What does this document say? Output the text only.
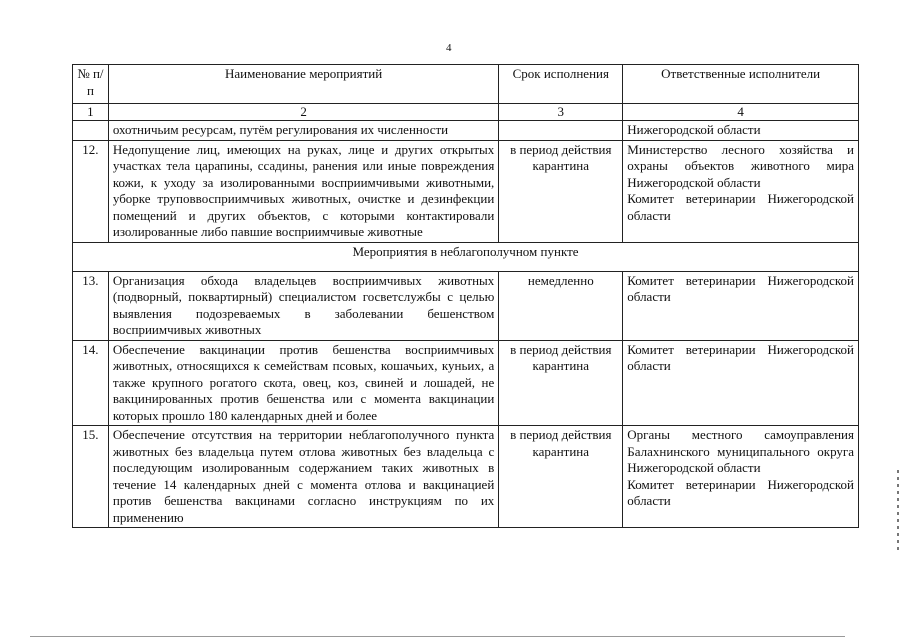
4
№ п/п	Наименование мероприятий	Срок исполнения	Ответственные исполнители
1	2	3	4
	охотничьим ресурсам, путём регулирования их численности		Нижегородской области
12.	Недопущение лиц, имеющих на руках, лице и других открытых участках тела царапины, ссадины, ранения или иные повреждения кожи, к уходу за изолированными восприимчивыми животными, уборке труповвосприимчивых животных, очистке и дезинфекции помещений и других объектов, с которыми контактировали изолированные либо павшие восприимчивые животные	в период действия карантина	Министерство лесного хозяйства и охраны объектов животного мира Нижегородской области
Комитет ветеринарии Нижегородской области

Мероприятия в неблагополучном пункте			
13.	Организация обхода владельцев восприимчивых животных (подворный, поквартирный) специалистом госветслужбы с целью выявления подозреваемых в заболевании бешенством восприимчивых животных	немедленно	Комитет ветеринарии Нижегородской области
14.	Обеспечение вакцинации против бешенства восприимчивых животных, относящихся к семействам псовых, кошачьих, куньих, а также крупного рогатого скота, овец, коз, свиней и лошадей, не вакцинированных против бешенства или с момента вакцинации которых прошло 180 календарных дней и более	в период действия карантина	Комитет ветеринарии Нижегородской области
15.	Обеспечение отсутствия на территории неблагополучного пункта животных без владельца путем отлова животных без владельца с последующим изолированным содержанием таких животных в течение 14 календарных дней с момента отлова и вакцинацией против бешенства вакцинами согласно инструкциям по их применению	в период действия карантина	Органы местного самоуправления Балахнинского муниципального округа Нижегородской области
Комитет ветеринарии Нижегородской области
